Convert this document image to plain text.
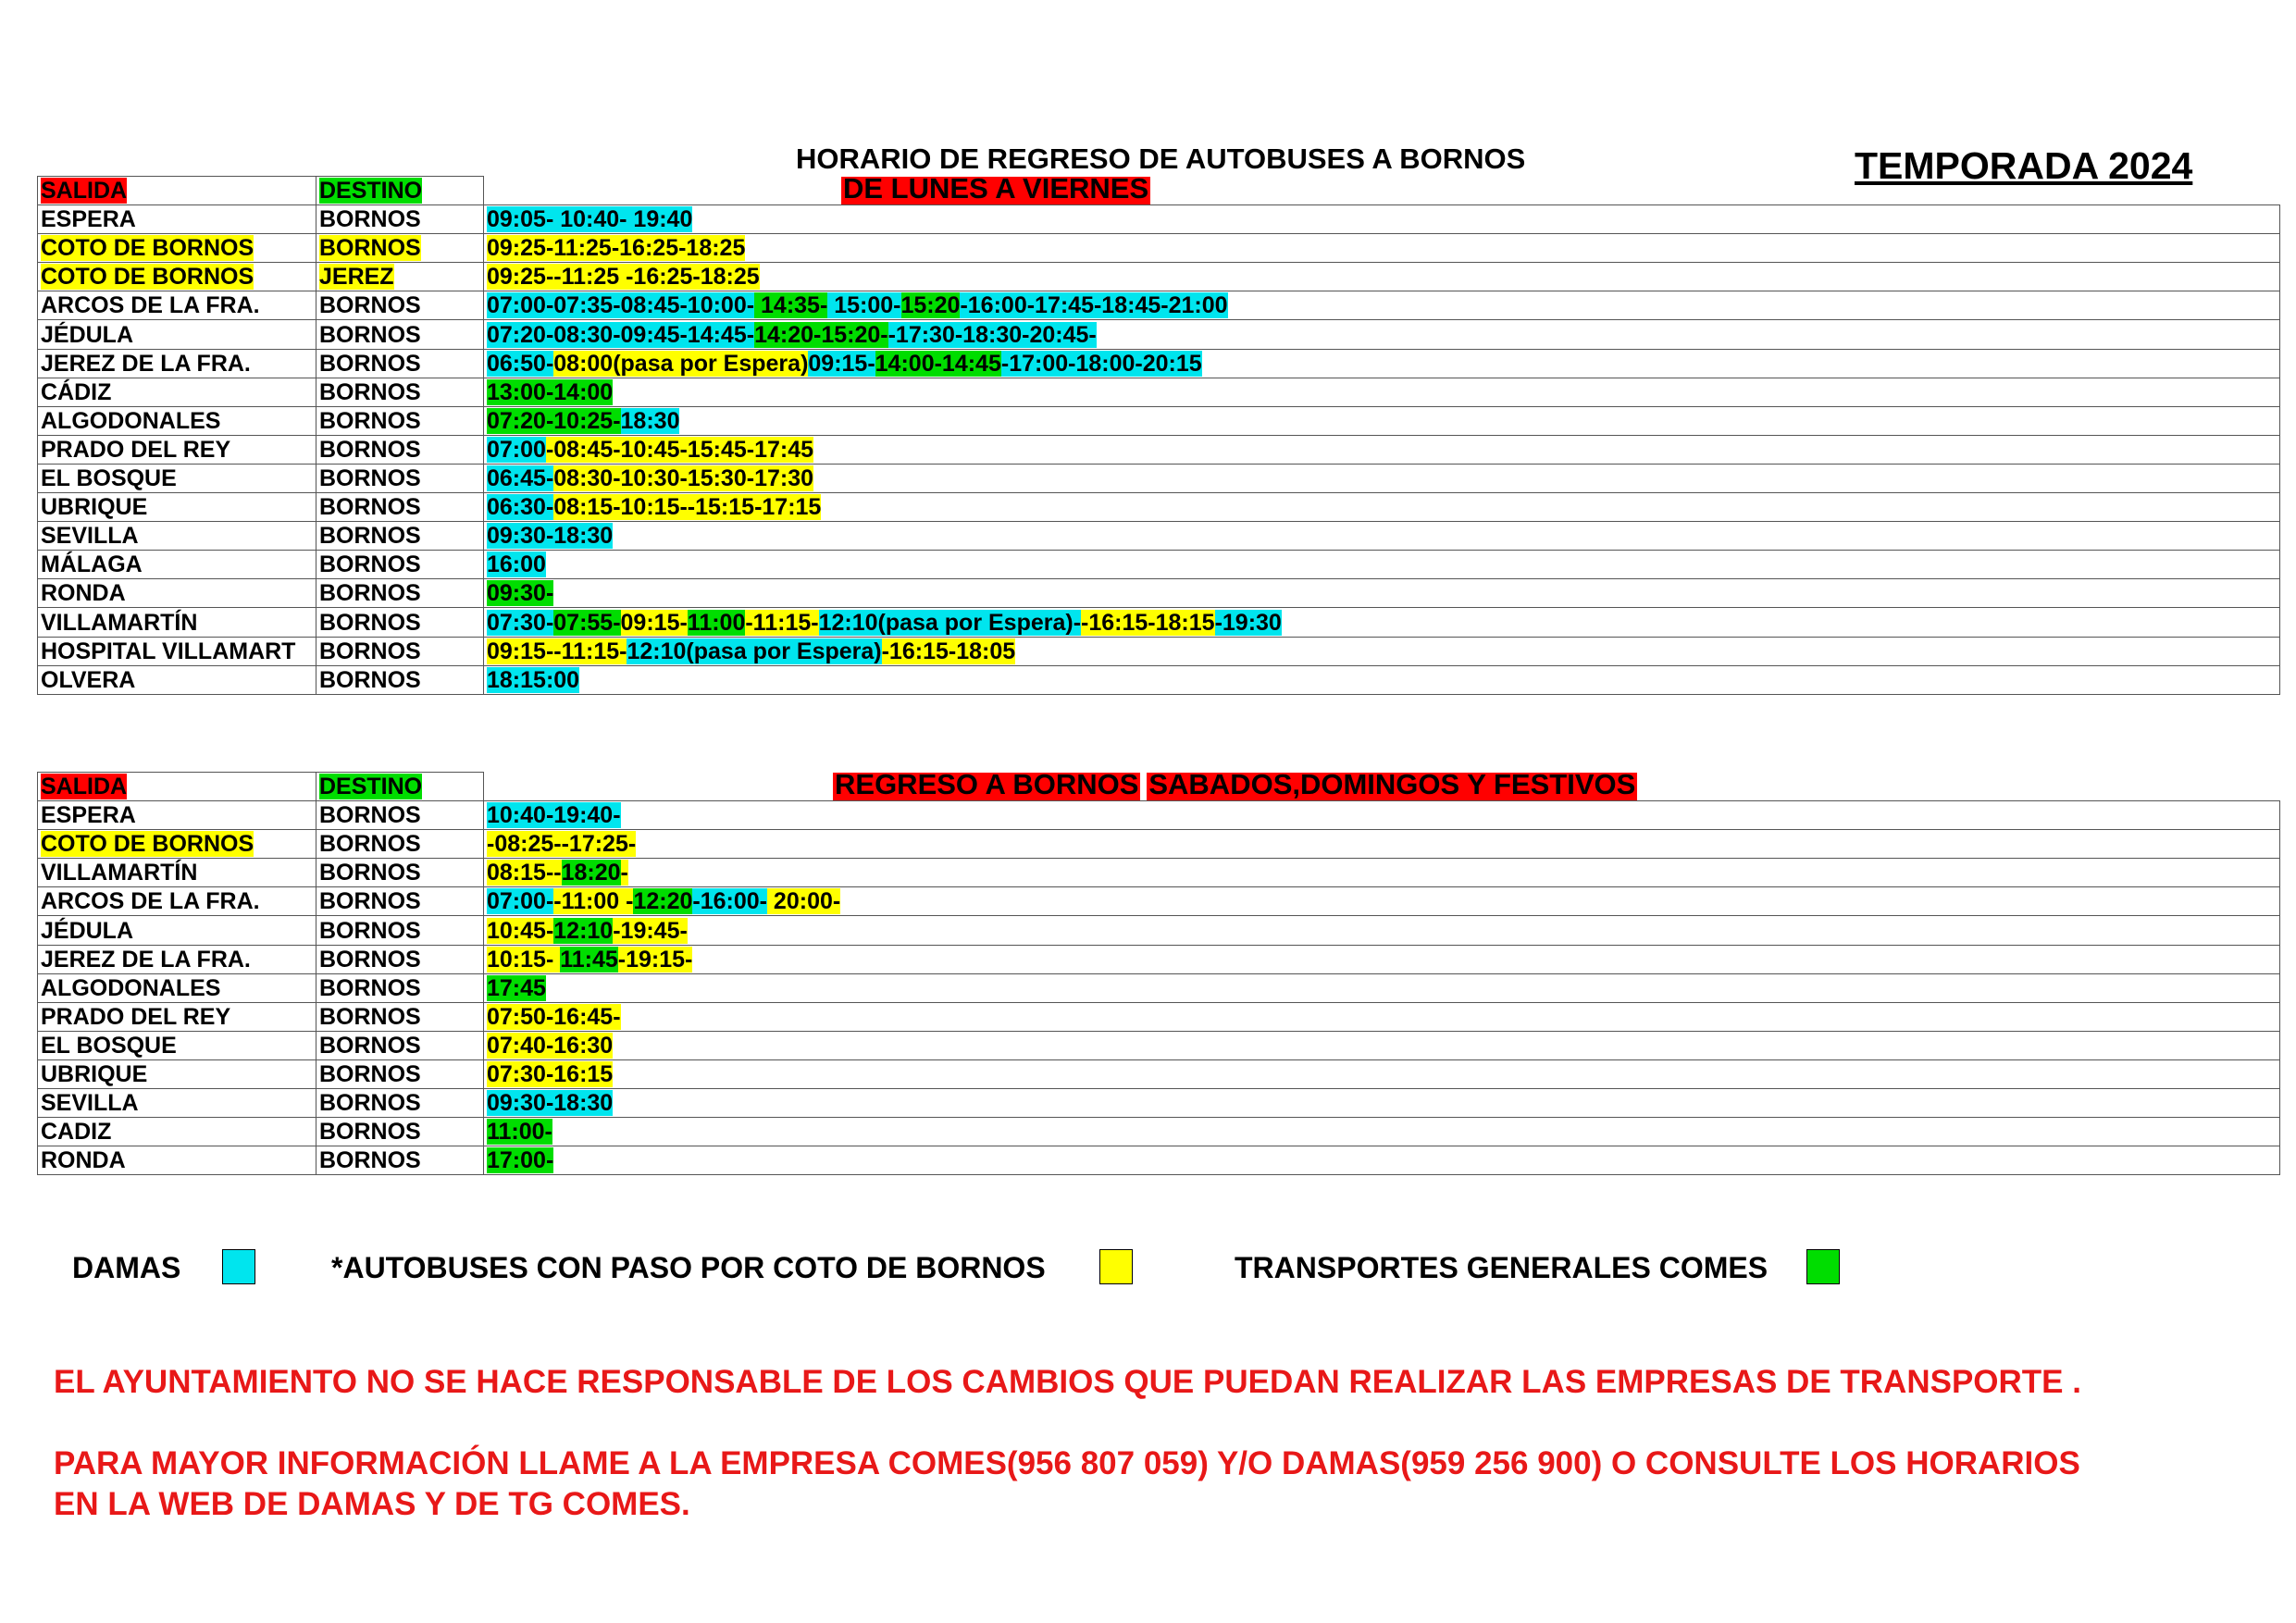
HORARIO DE REGRESO DE AUTOBUSES A BORNOS	TEMPORADA 2024
SALIDA	DESTINO	DE LUNES A VIERNES

ESPERA	BORNOS	09:05- 10:40- 19:40
COTO DE BORNOS	BORNOS	09:25-11:25-16:25-18:25
COTO DE BORNOS	JEREZ	09:25--11:25 -16:25-18:25
ARCOS DE LA FRA.	BORNOS	07:00-07:35-08:45-10:00- 14:35- 15:00-15:20-16:00-17:45-18:45-21:00
JÉDULA	BORNOS	07:20-08:30-09:45-14:45-14:20-15:20--17:30-18:30-20:45-
JEREZ DE LA FRA.	BORNOS	06:50-08:00(pasa por Espera)09:15-14:00-14:45-17:00-18:00-20:15
CÁDIZ	BORNOS	13:00-14:00
ALGODONALES	BORNOS	07:20-10:25-18:30
PRADO DEL REY	BORNOS	07:00-08:45-10:45-15:45-17:45
EL BOSQUE	BORNOS	06:45-08:30-10:30-15:30-17:30
UBRIQUE	BORNOS	06:30-08:15-10:15--15:15-17:15
SEVILLA	BORNOS	09:30-18:30
MÁLAGA	BORNOS	16:00
RONDA	BORNOS	09:30-
VILLAMARTÍN	BORNOS	07:30-07:55-09:15-11:00-11:15-12:10(pasa por Espera)--16:15-18:15-19:30
HOSPITAL VILLAMART	BORNOS	09:15--11:15-12:10(pasa por Espera)-16:15-18:05
OLVERA	BORNOS	18:15:00
SALIDA	DESTINO	REGRESO A BORNOS SABADOS,DOMINGOS Y FESTIVOS

ESPERA	BORNOS	10:40-19:40-
COTO DE BORNOS	BORNOS	-08:25--17:25-
VILLAMARTÍN	BORNOS	08:15--18:20-
ARCOS DE LA FRA.	BORNOS	07:00--11:00 -12:20-16:00- 20:00-
JÉDULA	BORNOS	10:45-12:10-19:45-
JEREZ DE LA FRA.	BORNOS	10:15- 11:45-19:15-
ALGODONALES	BORNOS	17:45
PRADO DEL REY	BORNOS	07:50-16:45-
EL BOSQUE	BORNOS	07:40-16:30
UBRIQUE	BORNOS	07:30-16:15
SEVILLA	BORNOS	09:30-18:30
CADIZ	BORNOS	11:00-
RONDA	BORNOS	17:00-
DAMAS	*AUTOBUSES CON PASO POR COTO DE BORNOS	TRANSPORTES GENERALES COMES
EL AYUNTAMIENTO NO SE HACE RESPONSABLE DE LOS CAMBIOS QUE PUEDAN REALIZAR LAS EMPRESAS DE TRANSPORTE .
PARA MAYOR INFORMACIÓN LLAME A LA EMPRESA COMES(956 807 059) Y/O DAMAS(959 256 900) O CONSULTE LOS HORARIOS
EN LA WEB DE DAMAS Y DE TG COMES.
